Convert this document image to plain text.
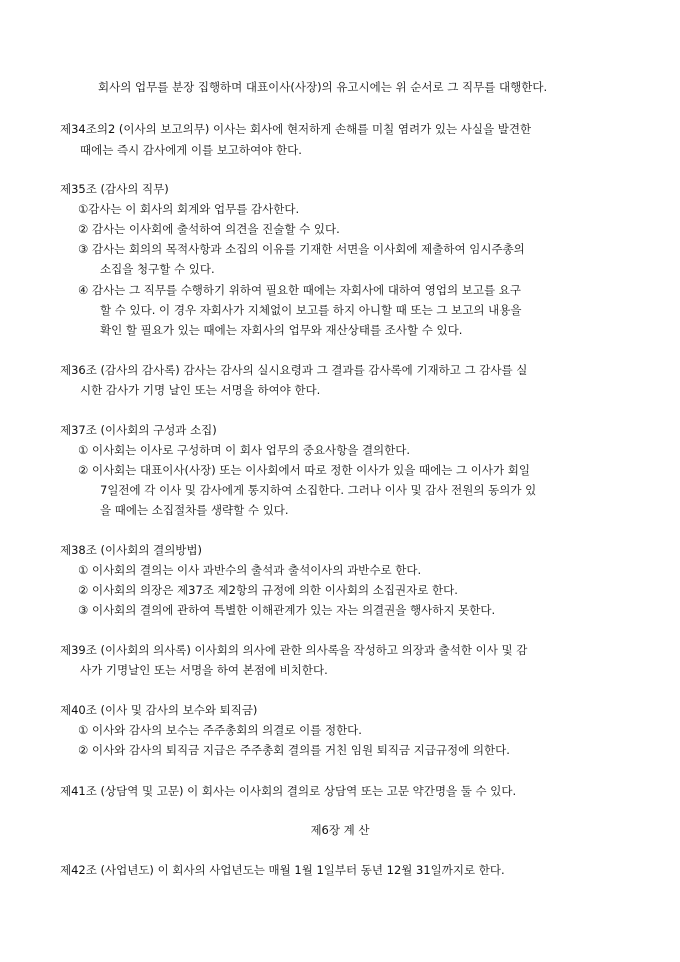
회사의 업무를 분장 집행하며 대표이사(사장)의 유고시에는 위 순서로 그 직무를 대행한다.
제34조의2 (이사의 보고의무) 이사는 회사에 현저하게 손해를 미칠 염려가 있는 사실을 발견한
때에는 즉시 감사에게 이를 보고하여야 한다.
제35조 (감사의 직무)
①감사는 이 회사의 회계와 업무를 감사한다.
② 감사는 이사회에 출석하여 의견을 진술할 수 있다.
③ 감사는 회의의 목적사항과 소집의 이유를 기재한 서면을 이사회에 제출하여 임시주총의
소집을 청구할 수 있다.
④ 감사는 그 직무를 수행하기 위하여 필요한 때에는 자회사에 대하여 영업의 보고를 요구
할 수 있다. 이 경우 자회사가 지체없이 보고를 하지 아니할 때 또는 그 보고의 내용을
확인 할 필요가 있는 때에는 자회사의 업무와 재산상태를 조사할 수 있다.
제36조 (감사의 감사록) 감사는 감사의 실시요령과 그 결과를 감사록에 기재하고 그 감사를 실
시한 감사가 기명 날인 또는 서명을 하여야 한다.
제37조 (이사회의 구성과 소집)
① 이사회는 이사로 구성하며 이 회사 업무의 중요사항을 결의한다.
② 이사회는 대표이사(사장) 또는 이사회에서 따로 정한 이사가 있을 때에는 그 이사가 회일
7일전에 각 이사 및 감사에게 통지하여 소집한다. 그러나 이사 및 감사 전원의 동의가 있
을 때에는 소집절차를 생략할 수 있다.
제38조 (이사회의 결의방법)
① 이사회의 결의는 이사 과반수의 출석과 출석이사의 과반수로 한다.
② 이사회의 의장은 제37조 제2항의 규정에 의한 이사회의 소집권자로 한다.
③ 이사회의 결의에 관하여 특별한 이해관계가 있는 자는 의결권을 행사하지 못한다.
제39조 (이사회의 의사록) 이사회의 의사에 관한 의사록을 작성하고 의장과 출석한 이사 및 감
사가 기명날인 또는 서명을 하여 본점에 비치한다.
제40조 (이사 및 감사의 보수와 퇴직금)
① 이사와 감사의 보수는 주주총회의 의결로 이를 정한다.
② 이사와 감사의 퇴직금 지급은 주주총회 결의를 거친 임원 퇴직금 지급규정에 의한다.
제41조 (상담역 및 고문) 이 회사는 이사회의 결의로 상담역 또는 고문 약간명을 둘 수 있다.
제6장 계 산
제42조 (사업년도) 이 회사의 사업년도는 매월 1월 1일부터 동년 12월 31일까지로 한다.
